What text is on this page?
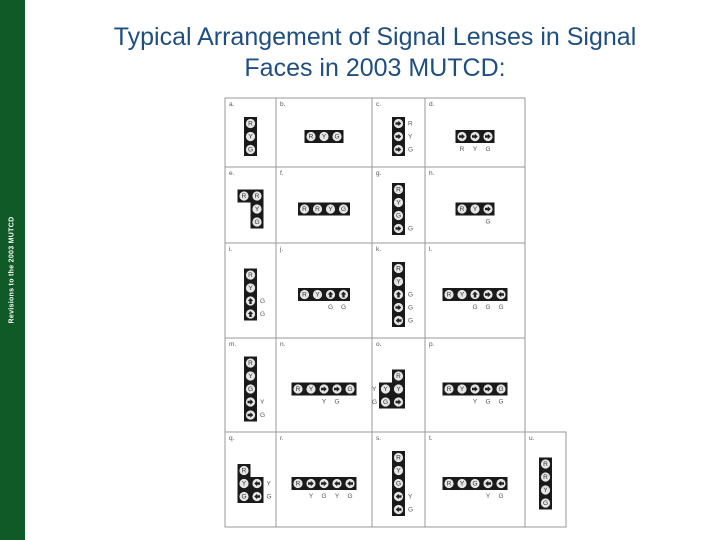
Revisions to the 2003 MUTCD
Typical Arrangement of Signal Lenses in Signal
Faces in 2003 MUTCD:
a.
R
Y
G
b.
R Y G
c.
R
Y
G
d.
R Y G
e.
R R
Y
G
f.
R R Y G
g.
R
Y
G
G
h.
R Y
G
i.
R
Y
G
G
j.
R Y
G G
k.
R
Y
G
G
G
l.
R Y
G G G
m.
R
Y
G
Y
G
n.
R Y	G
Y G
o.
R
Y Y
G
Y
G
p.
R Y	G
Y G G
q.
R
Y
G
Y
G
r.
R
Y G Y G
s.
R
Y
G
Y
G
t.
R Y G
Y G
u.
R
R
Y
G
